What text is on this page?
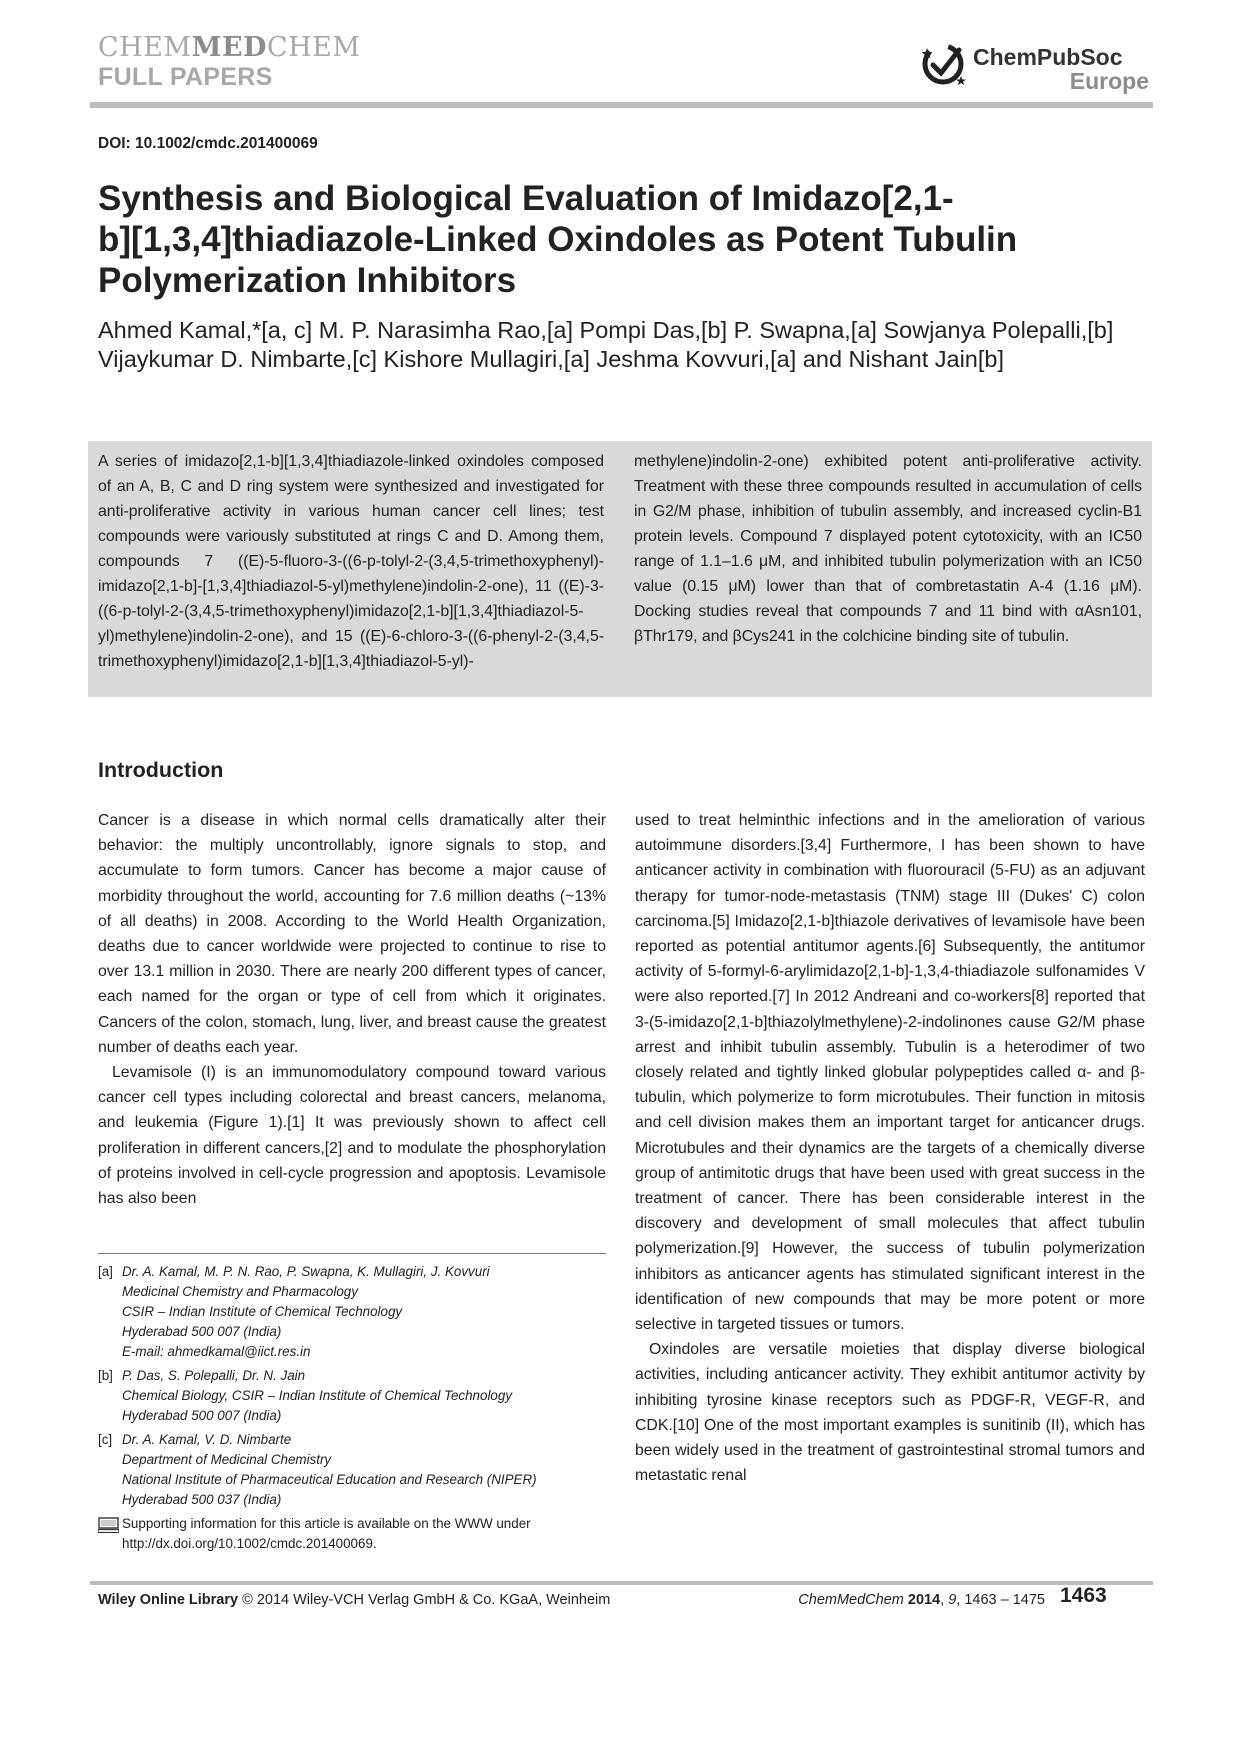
CHEMMEDCHEM
FULL PAPERS
ChemPubSoc
Europe
DOI: 10.1002/cmdc.201400069
Synthesis and Biological Evaluation of Imidazo[2,1-
b][1,3,4]thiadiazole-Linked Oxindoles as Potent Tubulin
Polymerization Inhibitors
Ahmed Kamal,*[a, c] M. P. Narasimha Rao,[a] Pompi Das,[b] P. Swapna,[a] Sowjanya Polepalli,[b]
Vijaykumar D. Nimbarte,[c] Kishore Mullagiri,[a] Jeshma Kovvuri,[a] and Nishant Jain[b]
A series of imidazo[2,1-b][1,3,4]thiadiazole-linked oxindoles composed of an A, B, C and D ring system were synthesized and investigated for anti-proliferative activity in various human cancer cell lines; test compounds were variously substituted at rings C and D. Among them, compounds 7 ((E)-5-fluoro-3-((6-p-tolyl-2-(3,4,5-trimethoxyphenyl)-imidazo[2,1-b]-[1,3,4]thiadiazol-5-yl)methylene)indolin-2-one), 11 ((E)-3-((6-p-tolyl-2-(3,4,5-trimethoxyphenyl)imidazo[2,1-b][1,3,4]thiadiazol-5-yl)methylene)indolin-2-one), and 15 ((E)-6-chloro-3-((6-phenyl-2-(3,4,5-trimethoxyphenyl)imidazo[2,1-b][1,3,4]thiadiazol-5-yl)-
methylene)indolin-2-one) exhibited potent anti-proliferative activity. Treatment with these three compounds resulted in accumulation of cells in G2/M phase, inhibition of tubulin assembly, and increased cyclin-B1 protein levels. Compound 7 displayed potent cytotoxicity, with an IC50 range of 1.1–1.6 μM, and inhibited tubulin polymerization with an IC50 value (0.15 μM) lower than that of combretastatin A-4 (1.16 μM). Docking studies reveal that compounds 7 and 11 bind with αAsn101, βThr179, and βCys241 in the colchicine binding site of tubulin.
Introduction

Cancer is a disease in which normal cells dramatically alter their behavior: the multiply uncontrollably, ignore signals to stop, and accumulate to form tumors. Cancer has become a major cause of morbidity throughout the world, accounting for 7.6 million deaths (~13% of all deaths) in 2008. According to the World Health Organization, deaths due to cancer worldwide were projected to continue to rise to over 13.1 million in 2030. There are nearly 200 different types of cancer, each named for the organ or type of cell from which it originates. Cancers of the colon, stomach, lung, liver, and breast cause the greatest number of deaths each year.

Levamisole (I) is an immunomodulatory compound toward various cancer cell types including colorectal and breast cancers, melanoma, and leukemia (Figure 1).[1] It was previously shown to affect cell proliferation in different cancers,[2] and to modulate the phosphorylation of proteins involved in cell-cycle progression and apoptosis. Levamisole has also been

used to treat helminthic infections and in the amelioration of various autoimmune disorders.[3,4] Furthermore, I has been shown to have anticancer activity in combination with fluorouracil (5-FU) as an adjuvant therapy for tumor-node-metastasis (TNM) stage III (Dukes' C) colon carcinoma.[5] Imidazo[2,1-b]thiazole derivatives of levamisole have been reported as potential antitumor agents.[6] Subsequently, the antitumor activity of 5-formyl-6-arylimidazo[2,1-b]-1,3,4-thiadiazole sulfonamides V were also reported.[7] In 2012 Andreani and co-workers[8] reported that 3-(5-imidazo[2,1-b]thiazolylmethylene)-2-indolinones cause G2/M phase arrest and inhibit tubulin assembly. Tubulin is a heterodimer of two closely related and tightly linked globular polypeptides called α- and β-tubulin, which polymerize to form microtubules. Their function in mitosis and cell division makes them an important target for anticancer drugs. Microtubules and their dynamics are the targets of a chemically diverse group of antimitotic drugs that have been used with great success in the treatment of cancer. There has been considerable interest in the discovery and development of small molecules that affect tubulin polymerization.[9] However, the success of tubulin polymerization inhibitors as anticancer agents has stimulated significant interest in the identification of new compounds that may be more potent or more selective in targeted tissues or tumors.

Oxindoles are versatile moieties that display diverse biological activities, including anticancer activity. They exhibit antitumor activity by inhibiting tyrosine kinase receptors such as PDGF-R, VEGF-R, and CDK.[10] One of the most important examples is sunitinib (II), which has been widely used in the treatment of gastrointestinal stromal tumors and metastatic renal

[a] Dr. A. Kamal, M. P. N. Rao, P. Swapna, K. Mullagiri, J. Kovvuri
Medicinal Chemistry and Pharmacology
CSIR – Indian Institute of Chemical Technology
Hyderabad 500 007 (India)
E-mail: ahmedkamal@iict.res.in
[b] P. Das, S. Polepalli, Dr. N. Jain
Chemical Biology, CSIR – Indian Institute of Chemical Technology
Hyderabad 500 007 (India)
[c] Dr. A. Kamal, V. D. Nimbarte
Department of Medicinal Chemistry
National Institute of Pharmaceutical Education and Research (NIPER)
Hyderabad 500 037 (India)
Supporting information for this article is available on the WWW under
http://dx.doi.org/10.1002/cmdc.201400069.
Wiley Online Library © 2014 Wiley-VCH Verlag GmbH & Co. KGaA, Weinheim	ChemMedChem 2014, 9, 1463 – 1475 1463
